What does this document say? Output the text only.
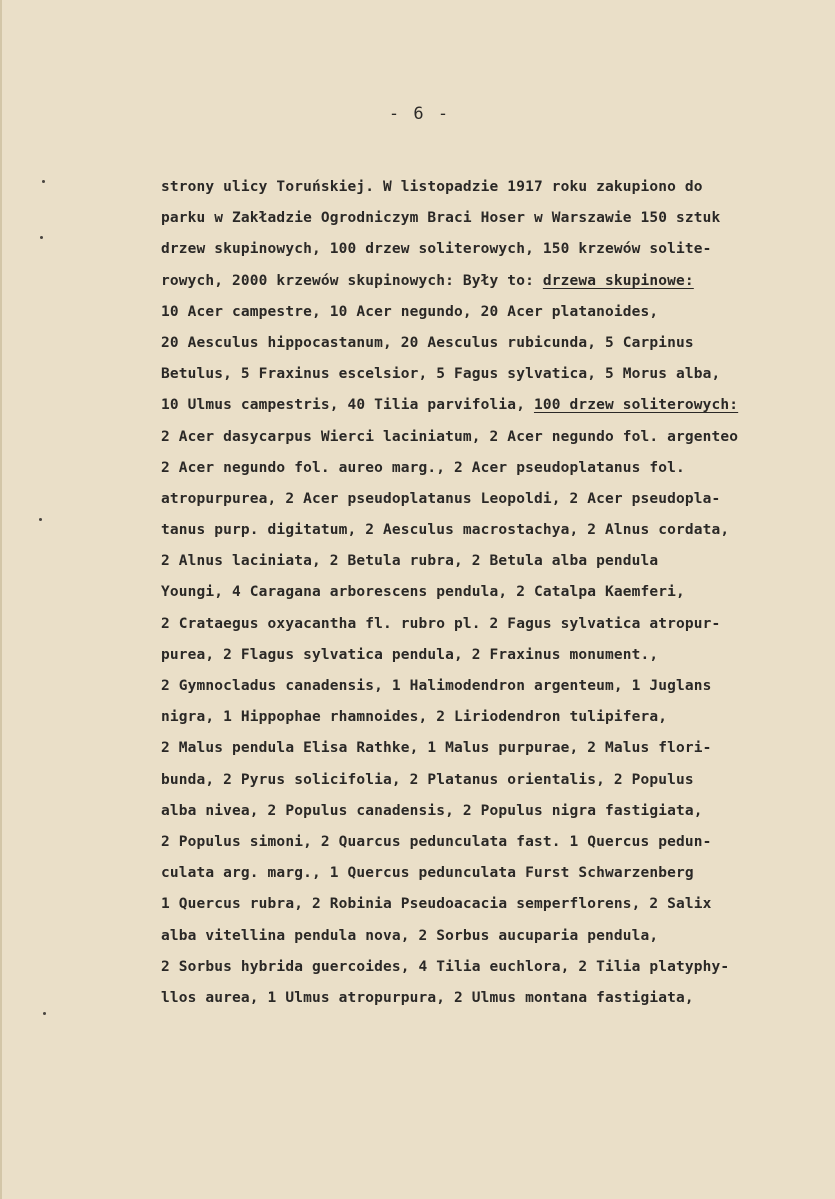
- 6 -
strony ulicy Toruńskiej. W listopadzie 1917 roku zakupiono do
parku w Zakładzie Ogrodniczym Braci Hoser w Warszawie 150 sztuk
drzew skupinowych, 100 drzew soliterowych, 150 krzewów solite-
rowych, 2000 krzewów skupinowych: Były to: drzewa skupinowe:
10 Acer campestre, 10 Acer negundo, 20 Acer platanoides,
20 Aesculus hippocastanum, 20 Aesculus rubicunda, 5 Carpinus
Betulus, 5 Fraxinus escelsior, 5 Fagus sylvatica, 5 Morus alba,
10 Ulmus campestris, 40 Tilia parvifolia, 100 drzew soliterowych:
2 Acer dasycarpus Wierci laciniatum, 2 Acer negundo fol. argenteo
2 Acer negundo fol. aureo marg., 2 Acer pseudoplatanus fol.
atropurpurea, 2 Acer pseudoplatanus Leopoldi, 2 Acer pseudopla-
tanus purp. digitatum, 2 Aesculus macrostachya, 2 Alnus cordata,
2 Alnus laciniata, 2 Betula rubra, 2 Betula alba pendula
Youngi, 4 Caragana arborescens pendula, 2 Catalpa Kaemferi,
2 Crataegus oxyacantha fl. rubro pl. 2 Fagus sylvatica atropur-
purea, 2 Flagus sylvatica pendula, 2 Fraxinus monument.,
2 Gymnocladus canadensis, 1 Halimodendron argenteum, 1 Juglans
nigra, 1 Hippophae rhamnoides, 2 Liriodendron tulipifera,
2 Malus pendula Elisa Rathke, 1 Malus purpurae, 2 Malus flori-
bunda, 2 Pyrus solicifolia, 2 Platanus orientalis, 2 Populus
alba nivea, 2 Populus canadensis, 2 Populus nigra fastigiata,
2 Populus simoni, 2 Quarcus pedunculata fast. 1 Quercus pedun-
culata arg. marg., 1 Quercus pedunculata Furst Schwarzenberg
1 Quercus rubra, 2 Robinia Pseudoacacia semperflorens, 2 Salix
alba vitellina pendula nova, 2 Sorbus aucuparia pendula,
2 Sorbus hybrida guercoides, 4 Tilia euchlora, 2 Tilia platyphy-
llos aurea, 1 Ulmus atropurpura, 2 Ulmus montana fastigiata,
